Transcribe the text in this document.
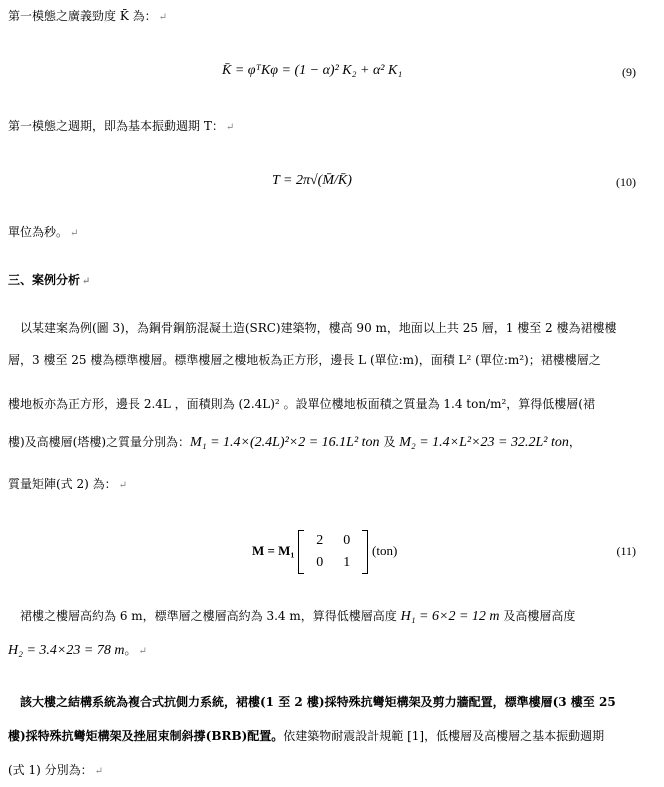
第一模態之廣義勁度 K̄ 為： ↵
K̄ = φᵀKφ = (1 − α)² K₂ + α² K₁	(9)
第一模態之週期，即為基本振動週期 T： ↵
T = 2π√(M̄/K̄)	(10)
單位為秒。 ↵
三、案例分析 ↵
以某建案為例(圖 3)，為鋼骨鋼筋混凝土造(SRC)建築物，樓高 90 m，地面以上共 25 層，1 樓至 2 樓為裙樓樓
層，3 樓至 25 樓為標準樓層。標準樓層之樓地板為正方形，邊長 L (單位:m)，面積 L² (單位:m²)；裙樓樓層之
樓地板亦為正方形，邊長 2.4L ，面積則為 (2.4L)² 。設單位樓地板面積之質量為 1.4 ton/m²，算得低樓層(裙
樓)及高樓層(塔樓)之質量分別為：M₁ = 1.4×(2.4L)²×2 = 16.1L² ton 及 M₂ = 1.4×L²×23 = 32.2L² ton，
質量矩陣(式 2) 為： ↵
M = M₁
2	0
0	1
(ton)	(11)
裙樓之樓層高約為 6 m，標準層之樓層高約為 3.4 m，算得低樓層高度 H₁ = 6×2 = 12 m 及高樓層高度
H₂ = 3.4×23 = 78 m。 ↵
該大樓之結構系統為複合式抗側力系統，裙樓(1 至 2 樓)採特殊抗彎矩構架及剪力牆配置，標準樓層(3 樓至 25
樓)採特殊抗彎矩構架及挫屈束制斜撐(BRB)配置。依建築物耐震設計規範 [1]，低樓層及高樓層之基本振動週期
(式 1) 分別為： ↵
